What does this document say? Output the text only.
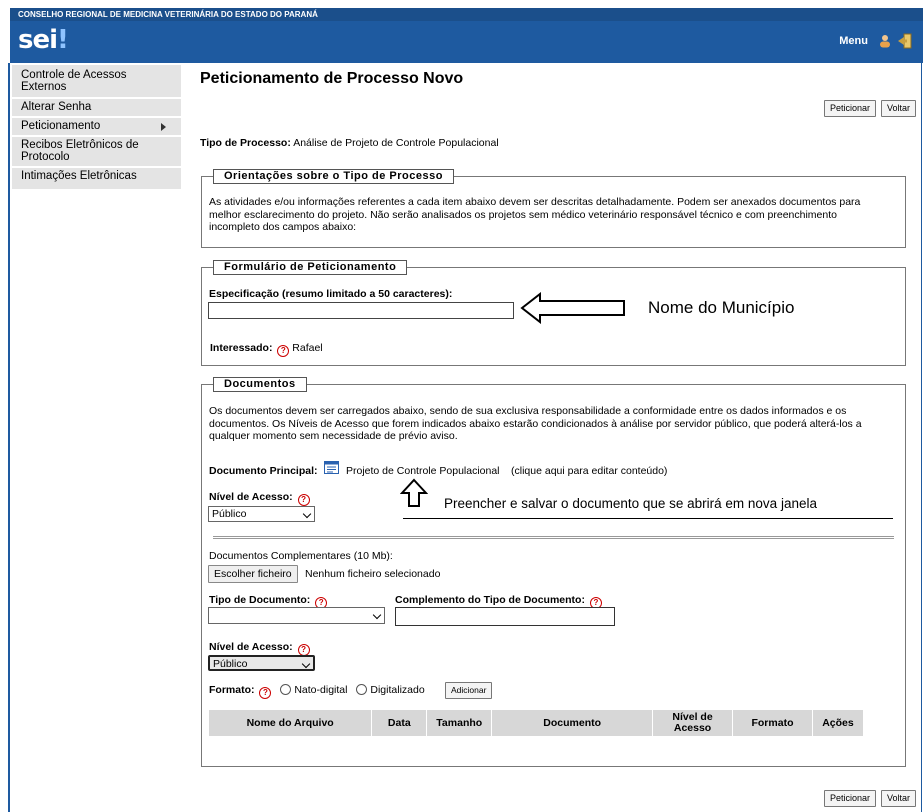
CONSELHO REGIONAL DE MEDICINA VETERINÁRIA DO ESTADO DO PARANÁ
sei!	Menu
Controle de Acessos Externos
Alterar Senha
Peticionamento
Recibos Eletrônicos de Protocolo
Intimações Eletrônicas
Peticionamento de Processo Novo
Peticionar	Voltar
Tipo de Processo: Análise de Projeto de Controle Populacional
Orientações sobre o Tipo de Processo
As atividades e/ou informações referentes a cada item abaixo devem ser descritas detalhadamente. Podem ser anexados documentos para melhor esclarecimento do projeto. Não serão analisados os projetos sem médico veterinário responsável técnico e com preenchimento incompleto dos campos abaixo:
Formulário de Peticionamento
Especificação (resumo limitado a 50 caracteres):
Nome do Município
Interessado: ? Rafael
Documentos
Os documentos devem ser carregados abaixo, sendo de sua exclusiva responsabilidade a conformidade entre os dados informados e os documentos. Os Níveis de Acesso que forem indicados abaixo estarão condicionados à análise por servidor público, que poderá alterá-los a qualquer momento sem necessidade de prévio aviso.
Documento Principal:	Projeto de Controle Populacional (clique aqui para editar conteúdo)
Preencher e salvar o documento que se abrirá em nova janela
Nível de Acesso: ?
Público
Documentos Complementares (10 Mb):
Escolher ficheiro	Nenhum ficheiro selecionado
Tipo de Documento: ?	Complemento do Tipo de Documento: ?
Nível de Acesso: ?
Público
Formato: ?	Nato-digital Digitalizado	Adicionar
Nome do Arquivo	Data	Tamanho	Documento	Nível de Acesso	Formato	Ações
Peticionar	Voltar
